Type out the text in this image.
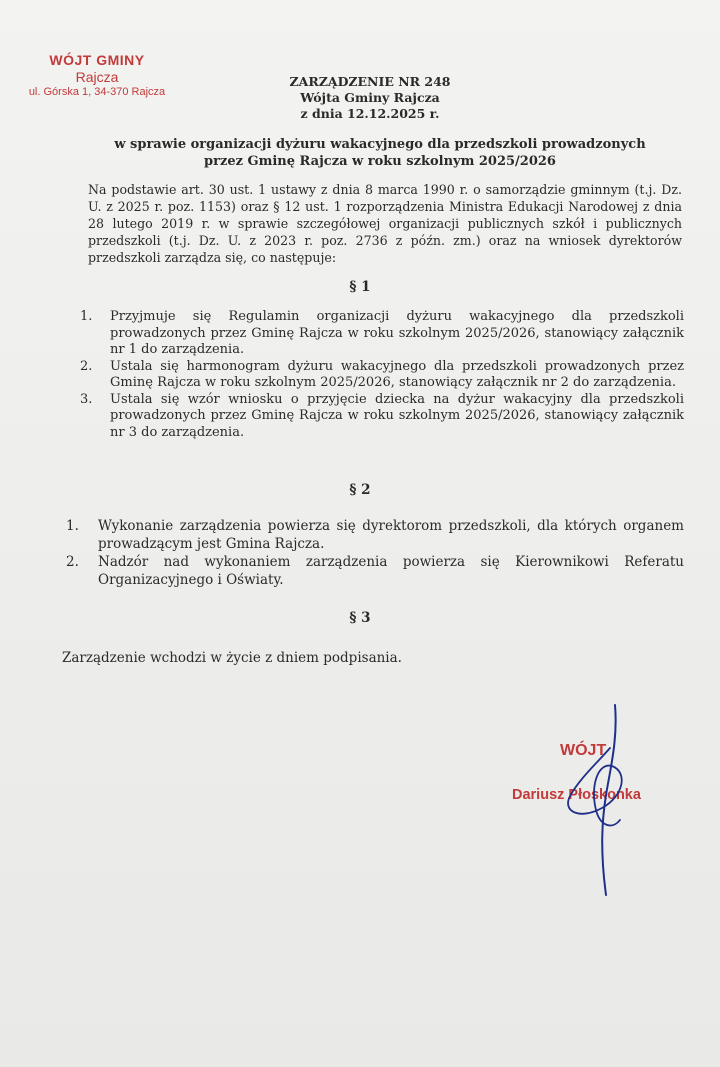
WÓJT GMINY
Rajcza
ul. Górska 1, 34-370 Rajcza
ZARZĄDZENIE NR 248
Wójta Gminy Rajcza
z dnia 12.12.2025 r.
w sprawie organizacji dyżuru wakacyjnego dla przedszkoli prowadzonych
przez Gminę Rajcza w roku szkolnym 2025/2026
Na podstawie art. 30 ust. 1 ustawy z dnia 8 marca 1990 r. o samorządzie gminnym (t.j. Dz. U. z 2025 r. poz. 1153) oraz § 12 ust. 1 rozporządzenia Ministra Edukacji Narodowej z dnia 28 lutego 2019 r. w sprawie szczegółowej organizacji publicznych szkół i publicznych przedszkoli (t.j. Dz. U. z 2023 r. poz. 2736 z późn. zm.) oraz na wniosek dyrektorów przedszkoli zarządza się, co następuje:
§ 1
1.	Przyjmuje się Regulamin organizacji dyżuru wakacyjnego dla przedszkoli prowadzonych przez Gminę Rajcza w roku szkolnym 2025/2026, stanowiący załącznik nr 1 do zarządzenia.
2.	Ustala się harmonogram dyżuru wakacyjnego dla przedszkoli prowadzonych przez Gminę Rajcza w roku szkolnym 2025/2026, stanowiący załącznik nr 2 do zarządzenia.
3.	Ustala się wzór wniosku o przyjęcie dziecka na dyżur wakacyjny dla przedszkoli prowadzonych przez Gminę Rajcza w roku szkolnym 2025/2026, stanowiący załącznik nr 3 do zarządzenia.
§ 2
1.	Wykonanie zarządzenia powierza się dyrektorom przedszkoli, dla których organem prowadzącym jest Gmina Rajcza.
2.	Nadzór nad wykonaniem zarządzenia powierza się Kierownikowi Referatu Organizacyjnego i Oświaty.
§ 3
Zarządzenie wchodzi w życie z dniem podpisania.
WÓJT
Dariusz Płoskonka
